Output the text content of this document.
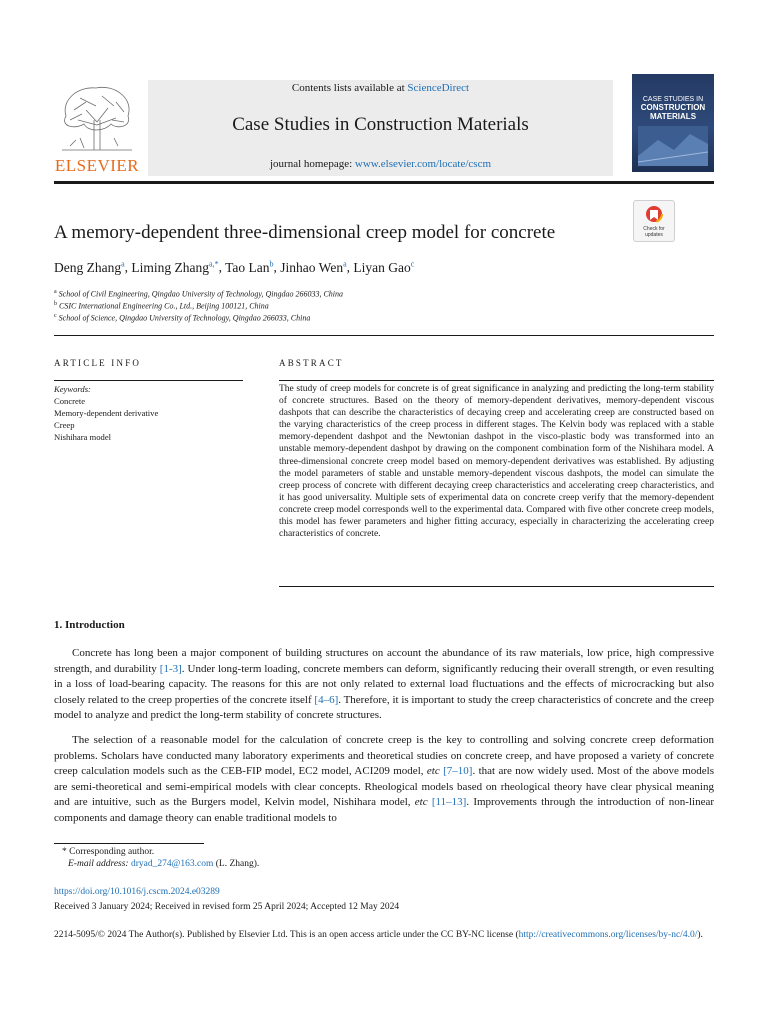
ELSEVIER
Contents lists available at ScienceDirect
Case Studies in Construction Materials
journal homepage: www.elsevier.com/locate/cscm
CASE STUDIES IN
CONSTRUCTION
MATERIALS
A memory-dependent three-dimensional creep model for concrete	Check for updates
Deng Zhang$^a$, Liming Zhang$^{a,*}$, Tao Lan$^b$, Jinhao Wen$^a$, Liyan Gao$^c$
$^a$ School of Civil Engineering, Qingdao University of Technology, Qingdao 266033, China
$^b$ CSIC International Engineering Co., Ltd., Beijing 100121, China
$^c$ School of Science, Qingdao University of Technology, Qingdao 266033, China
ARTICLE INFO	ABSTRACT
Keywords:
Concrete
Memory-dependent derivative
Creep
Nishihara model
The study of creep models for concrete is of great significance in analyzing and predicting the long-term stability of concrete structures. Based on the theory of memory-dependent derivatives, memory-dependent viscous dashpots that can describe the characteristics of decaying creep and accelerating creep are constructed based on the varying characteristics of the creep process in different stages. The Kelvin body was replaced with a stable memory-dependent dashpot and the Newtonian dashpot in the visco-plastic body was transformed into an unstable memory-dependent dashpot by drawing on the component combination form of the Nishihara model. A three-dimensional concrete creep model based on memory-dependent derivatives was established. By adjusting the model parameters of stable and unstable memory-dependent viscous dashpots, the model can simulate the creep process of concrete with different decaying creep characteristics and accelerating creep characteristics, and it has good universality. Multiple sets of experimental data on concrete creep verify that the memory-dependent concrete creep model corresponds well to the experimental data. Compared with five other concrete creep models, this model has fewer parameters and higher fitting accuracy, especially in characterizing the accelerating creep characteristics of concrete.
1. Introduction

Concrete has long been a major component of building structures on account the abundance of its raw materials, low price, high compressive strength, and durability [1-3]. Under long-term loading, concrete members can deform, significantly reducing their overall strength, or even resulting in a loss of load-bearing capacity. The reasons for this are not only related to external load fluctuations and the effects of microcracking but also closely related to the creep properties of the concrete itself [4–6]. Therefore, it is important to study the creep characteristics of concrete and the creep model to analyze and predict the long-term stability of concrete structures.

The selection of a reasonable model for the calculation of concrete creep is the key to controlling and solving concrete creep deformation problems. Scholars have conducted many laboratory experiments and theoretical studies on concrete creep, and have proposed a variety of concrete creep calculation models such as the CEB-FIP model, EC2 model, ACI209 model, etc [7–10]. that are now widely used. Most of the above models are semi-theoretical and semi-empirical models with clear concepts. Rheological models based on rheological theory have clear physical meaning and are intuitive, such as the Burgers model, Kelvin model, Nishihara model, etc [11–13]. Improvements through the introduction of non-linear components and damage theory can enable traditional models to

* Corresponding author.
E-mail address: dryad_274@163.com (L. Zhang).
https://doi.org/10.1016/j.cscm.2024.e03289
Received 3 January 2024; Received in revised form 25 April 2024; Accepted 12 May 2024
2214-5095/© 2024 The Author(s). Published by Elsevier Ltd. This is an open access article under the CC BY-NC license (http://creativecommons.org/licenses/by-nc/4.0/).
